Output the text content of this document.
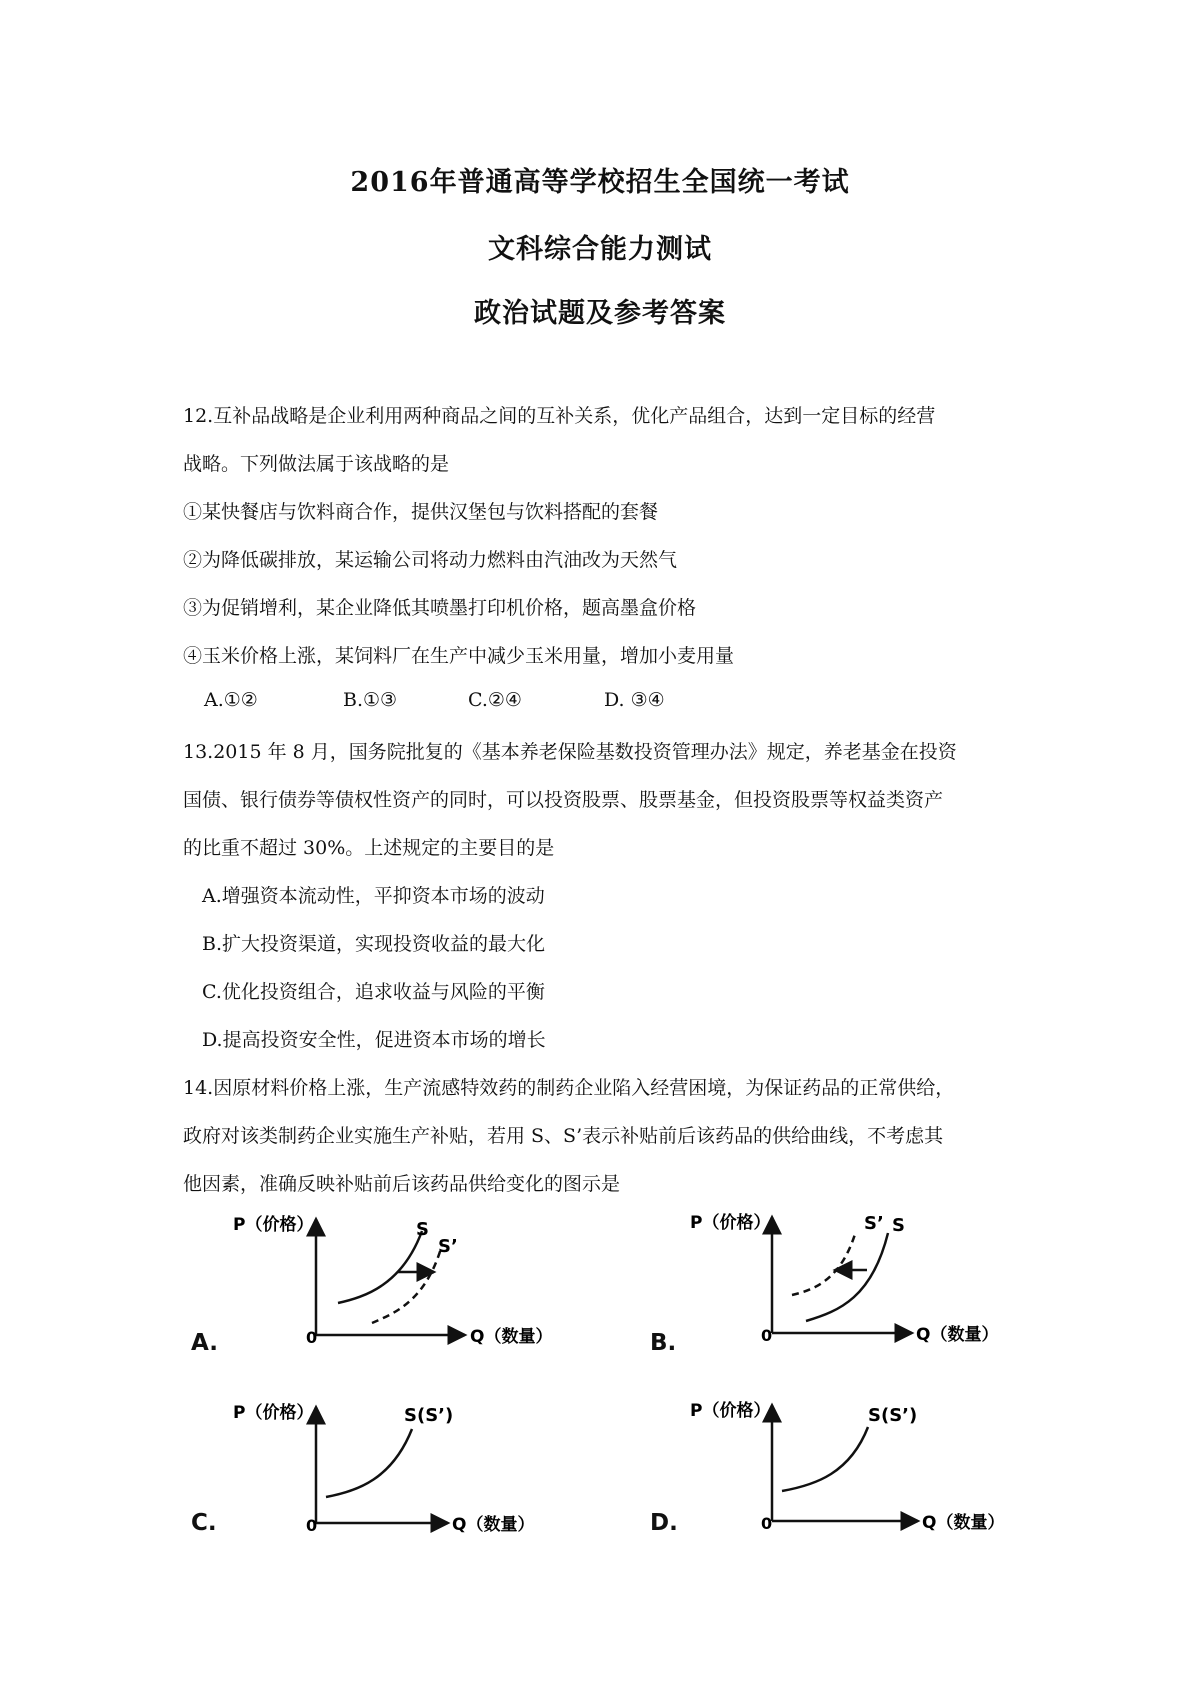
2016年普通高等学校招生全国统一考试
文科综合能力测试
政治试题及参考答案
12.互补品战略是企业利用两种商品之间的互补关系，优化产品组合，达到一定目标的经营
战略。下列做法属于该战略的是
①某快餐店与饮料商合作，提供汉堡包与饮料搭配的套餐
②为降低碳排放，某运输公司将动力燃料由汽油改为天然气
③为促销增利，某企业降低其喷墨打印机价格，题高墨盒价格
④玉米价格上涨，某饲料厂在生产中减少玉米用量，增加小麦用量
A.①②	B.①③	C.②④	D. ③④
13.2015 年 8 月，国务院批复的《基本养老保险基数投资管理办法》规定，养老基金在投资
国债、银行债券等债权性资产的同时，可以投资股票、股票基金，但投资股票等权益类资产
的比重不超过 30%。上述规定的主要目的是
A.增强资本流动性，平抑资本市场的波动
B.扩大投资渠道，实现投资收益的最大化
C.优化投资组合，追求收益与风险的平衡
D.提高投资安全性，促进资本市场的增长
14.因原材料价格上涨，生产流感特效药的制药企业陷入经营困境，为保证药品的正常供给，
政府对该类制药企业实施生产补贴，若用 S、S’表示补贴前后该药品的供给曲线，不考虑其
他因素，准确反映补贴前后该药品供给变化的图示是
A.
P（价格）
Q（数量）
0
S
S’
B.
P（价格）
Q（数量）
0
S’ S
C.
P（价格）
Q（数量）
0
S(S’)
D.
P（价格）
Q（数量）
0
S(S’)
